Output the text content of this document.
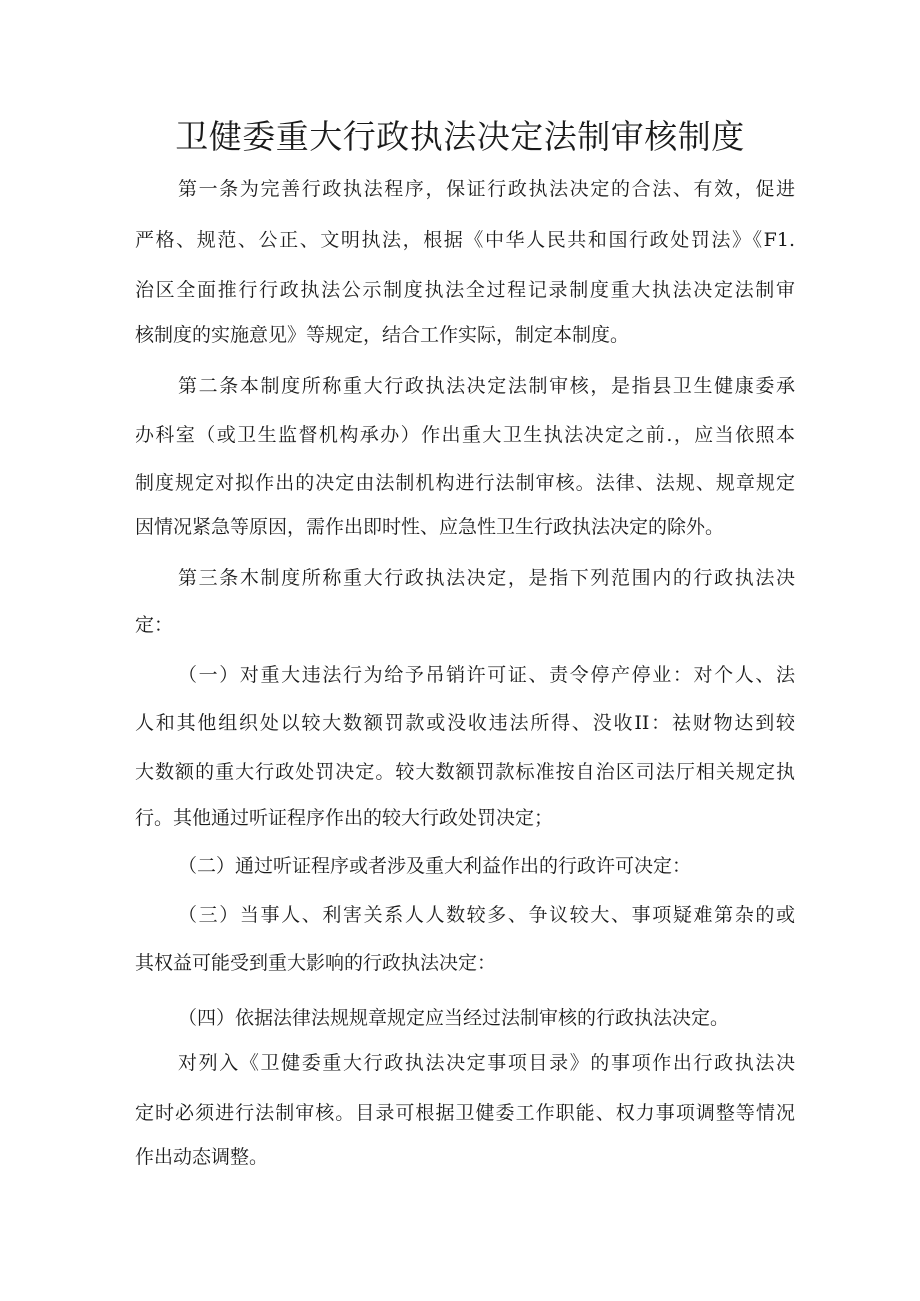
卫健委重大行政执法决定法制审核制度
第一条为完善行政执法程序，保证行政执法决定的合法、有效，促进
严格、规范、公正、文明执法，根据《中华人民共和国行政处罚法》《F1.
治区全面推行行政执法公示制度执法全过程记录制度重大执法决定法制审
核制度的实施意见》等规定，结合工作实际，制定本制度。
第二条本制度所称重大行政执法决定法制审核，是指县卫生健康委承
办科室（或卫生监督机构承办）作出重大卫生执法决定之前.，应当依照本
制度规定对拟作出的决定由法制机构进行法制审核。法律、法规、规章规定
因情况紧急等原因，需作出即时性、应急性卫生行政执法决定的除外。
第三条木制度所称重大行政执法决定，是指下列范围内的行政执法决
定：
（一）对重大违法行为给予吊销许可证、责令停产停业：对个人、法
人和其他组织处以较大数额罚款或没收违法所得、没收II：祛财物达到较
大数额的重大行政处罚决定。较大数额罚款标准按自治区司法厅相关规定执
行。其他通过听证程序作出的较大行政处罚决定；
（二）通过听证程序或者涉及重大利益作出的行政许可决定：
（三）当事人、利害关系人人数较多、争议较大、事项疑难第杂的或
其权益可能受到重大影响的行政执法决定：
（四）依据法律法规规章规定应当经过法制审核的行政执法决定。
对列入《卫健委重大行政执法决定事项目录》的事项作出行政执法决
定时必须进行法制审核。目录可根据卫健委工作职能、权力事项调整等情况
作出动态调整。
